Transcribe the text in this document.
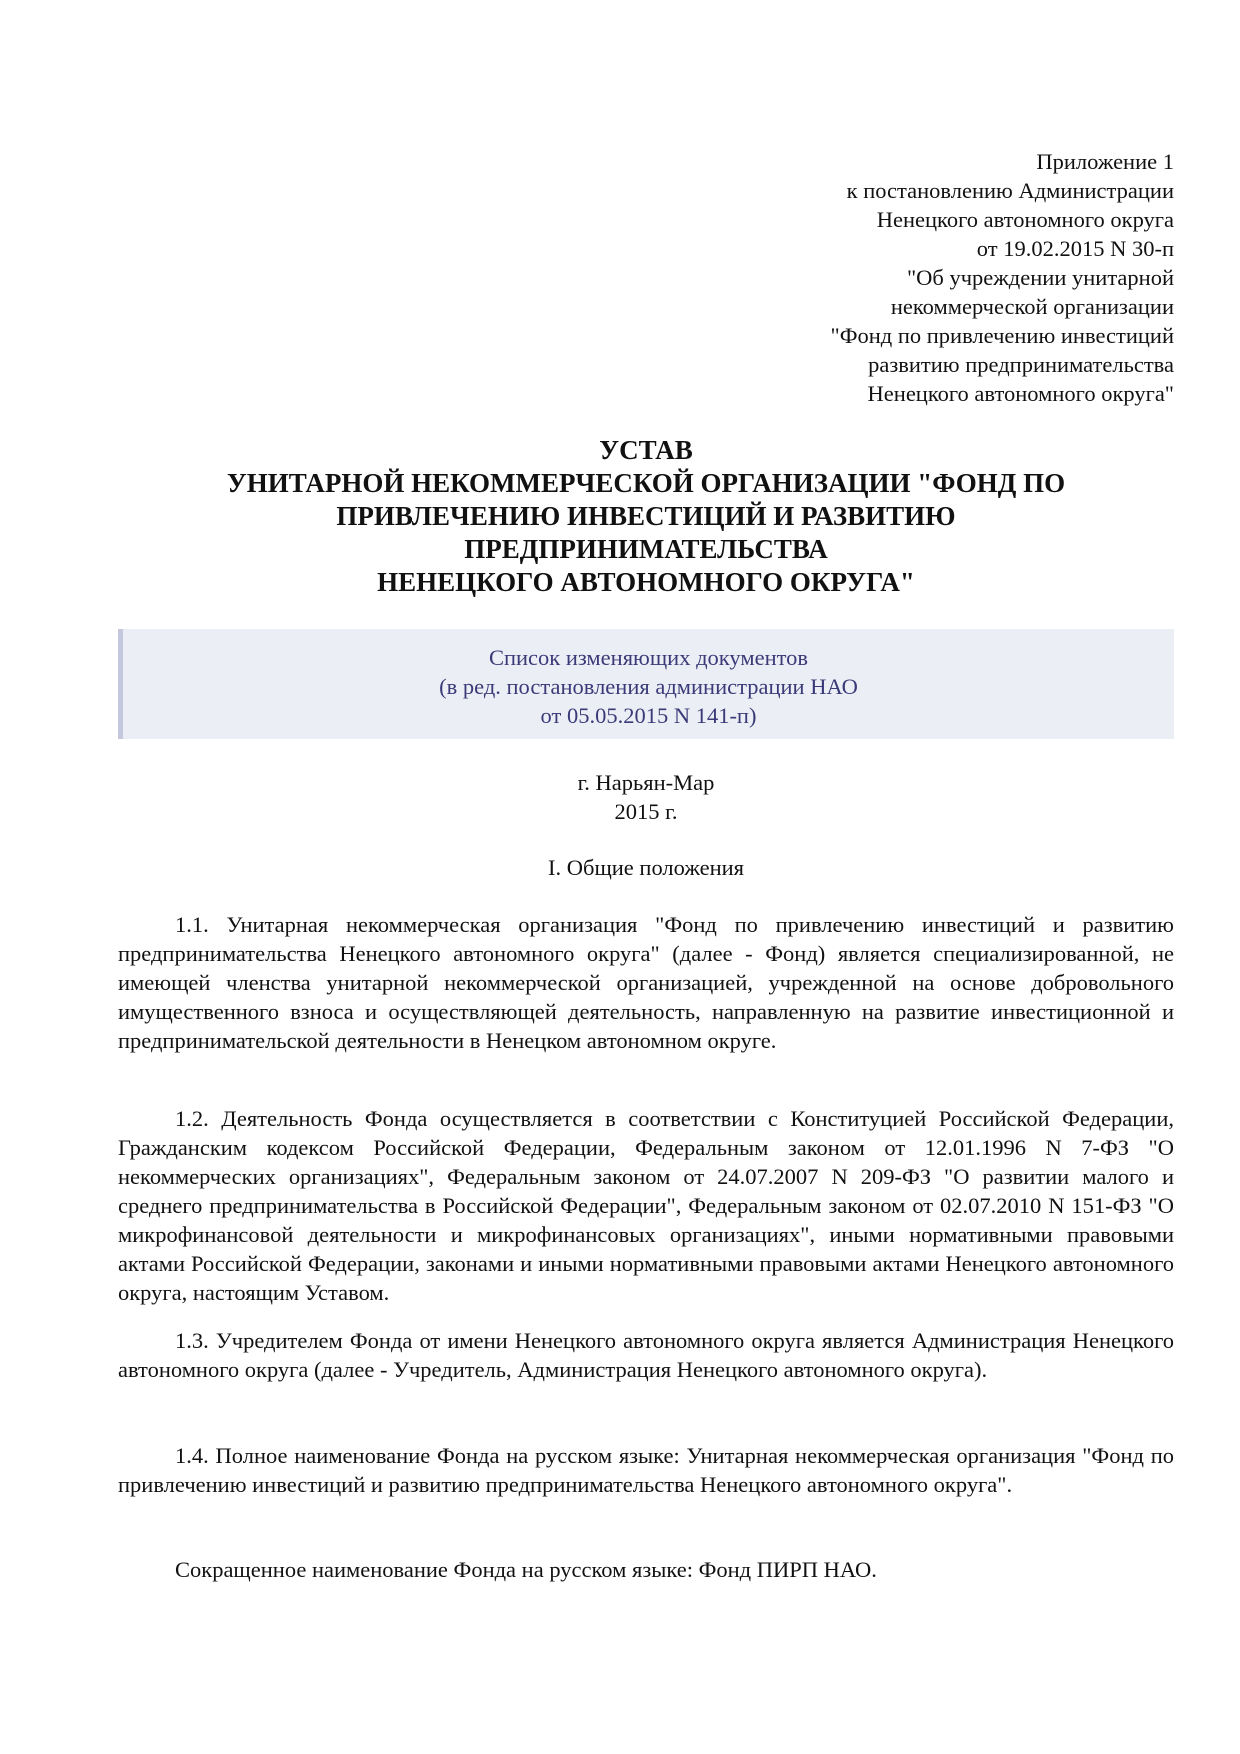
Приложение 1
к постановлению Администрации
Ненецкого автономного округа
от 19.02.2015 N 30-п
"Об учреждении унитарной
некоммерческой организации
"Фонд по привлечению инвестиций
развитию предпринимательства
Ненецкого автономного округа"
УСТАВ
УНИТАРНОЙ НЕКОММЕРЧЕСКОЙ ОРГАНИЗАЦИИ "ФОНД ПО
ПРИВЛЕЧЕНИЮ ИНВЕСТИЦИЙ И РАЗВИТИЮ
ПРЕДПРИНИМАТЕЛЬСТВА
НЕНЕЦКОГО АВТОНОМНОГО ОКРУГА"
Список изменяющих документов
(в ред. постановления администрации НАО
от 05.05.2015 N 141-п)
г. Нарьян-Мар
2015 г.
I. Общие положения

1.1. Унитарная некоммерческая организация "Фонд по привлечению инвестиций и развитию предпринимательства Ненецкого автономного округа" (далее - Фонд) является специализированной, не имеющей членства унитарной некоммерческой организацией, учрежденной на основе добровольного имущественного взноса и осуществляющей деятельность, направленную на развитие инвестиционной и предпринимательской деятельности в Ненецком автономном округе.

1.2. Деятельность Фонда осуществляется в соответствии с Конституцией Российской Федерации, Гражданским кодексом Российской Федерации, Федеральным законом от 12.01.1996 N 7-ФЗ "О некоммерческих организациях", Федеральным законом от 24.07.2007 N 209-ФЗ "О развитии малого и среднего предпринимательства в Российской Федерации", Федеральным законом от 02.07.2010 N 151-ФЗ "О микрофинансовой деятельности и микрофинансовых организациях", иными нормативными правовыми актами Российской Федерации, законами и иными нормативными правовыми актами Ненецкого автономного округа, настоящим Уставом.

1.3. Учредителем Фонда от имени Ненецкого автономного округа является Администрация Ненецкого автономного округа (далее - Учредитель, Администрация Ненецкого автономного округа).

1.4. Полное наименование Фонда на русском языке: Унитарная некоммерческая организация "Фонд по привлечению инвестиций и развитию предпринимательства Ненецкого автономного округа".

Сокращенное наименование Фонда на русском языке: Фонд ПИРП НАО.
